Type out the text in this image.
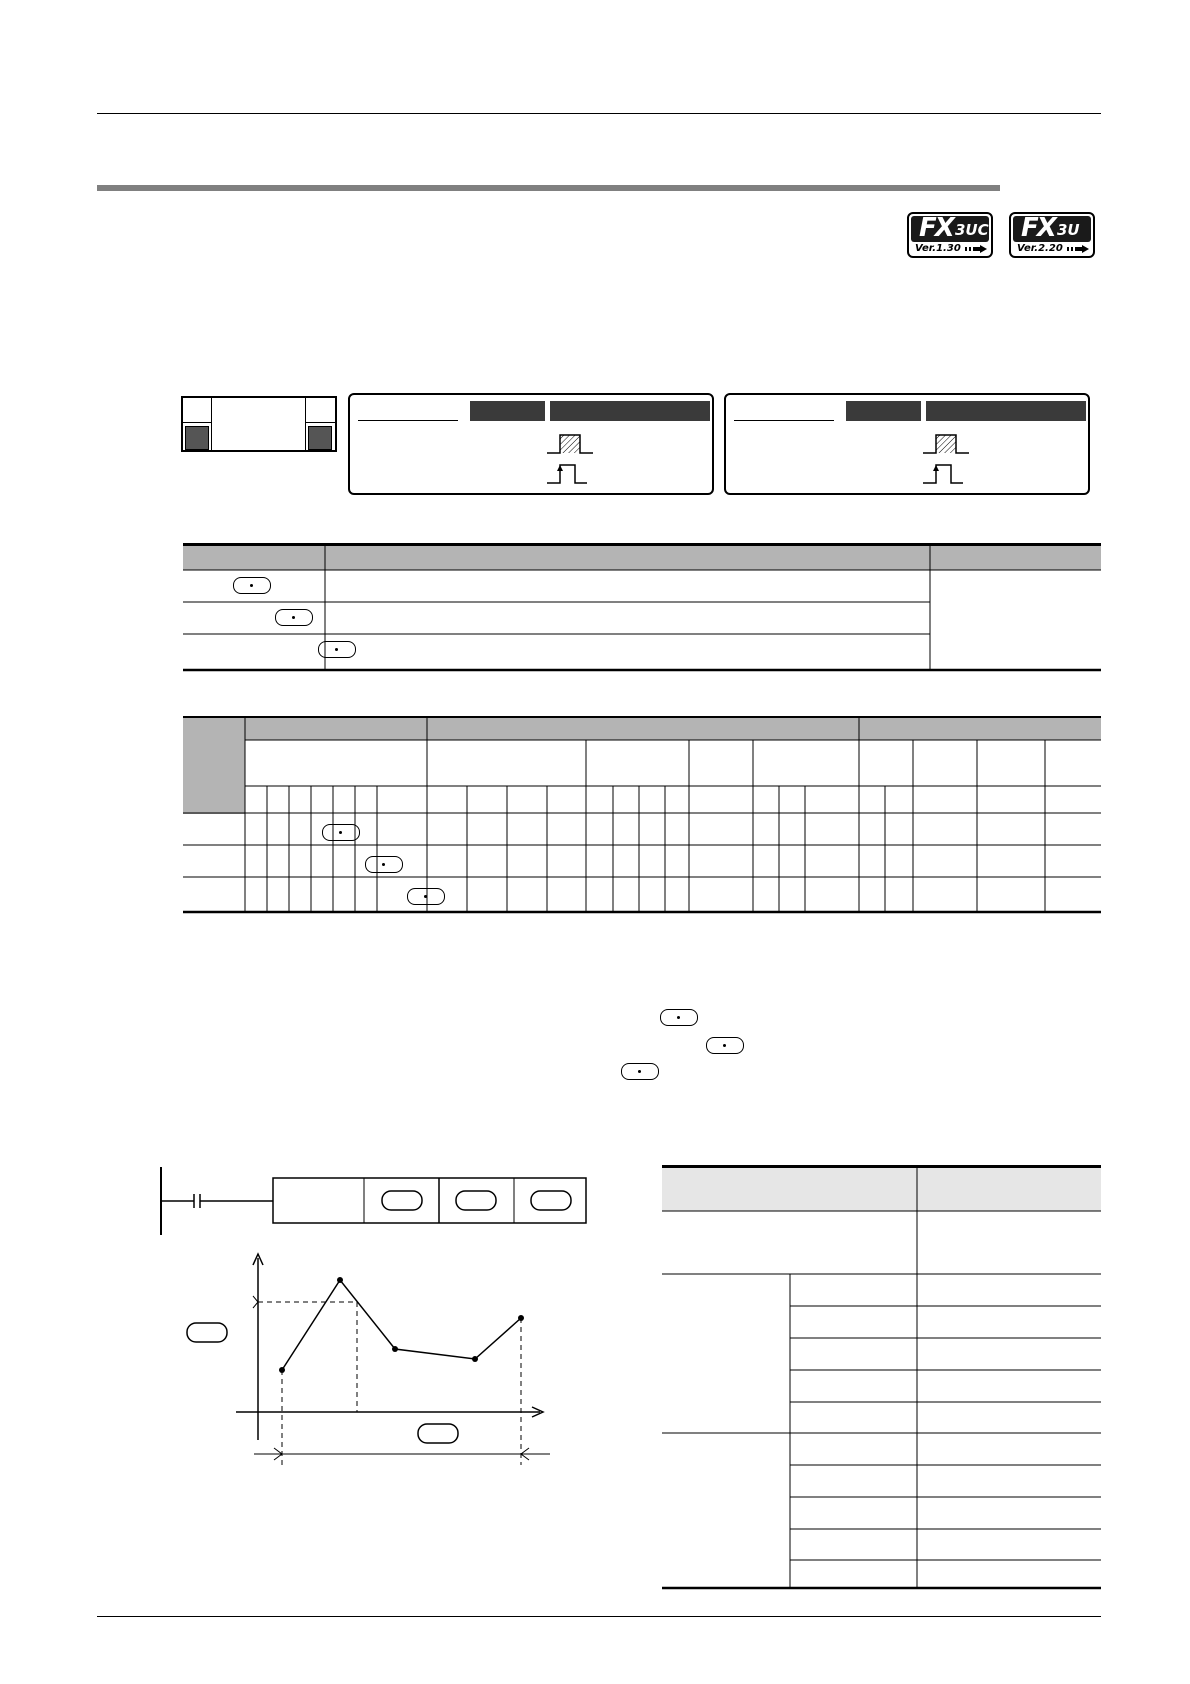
FX 3UC
Ver.1.30
FX 3U
Ver.2.20
